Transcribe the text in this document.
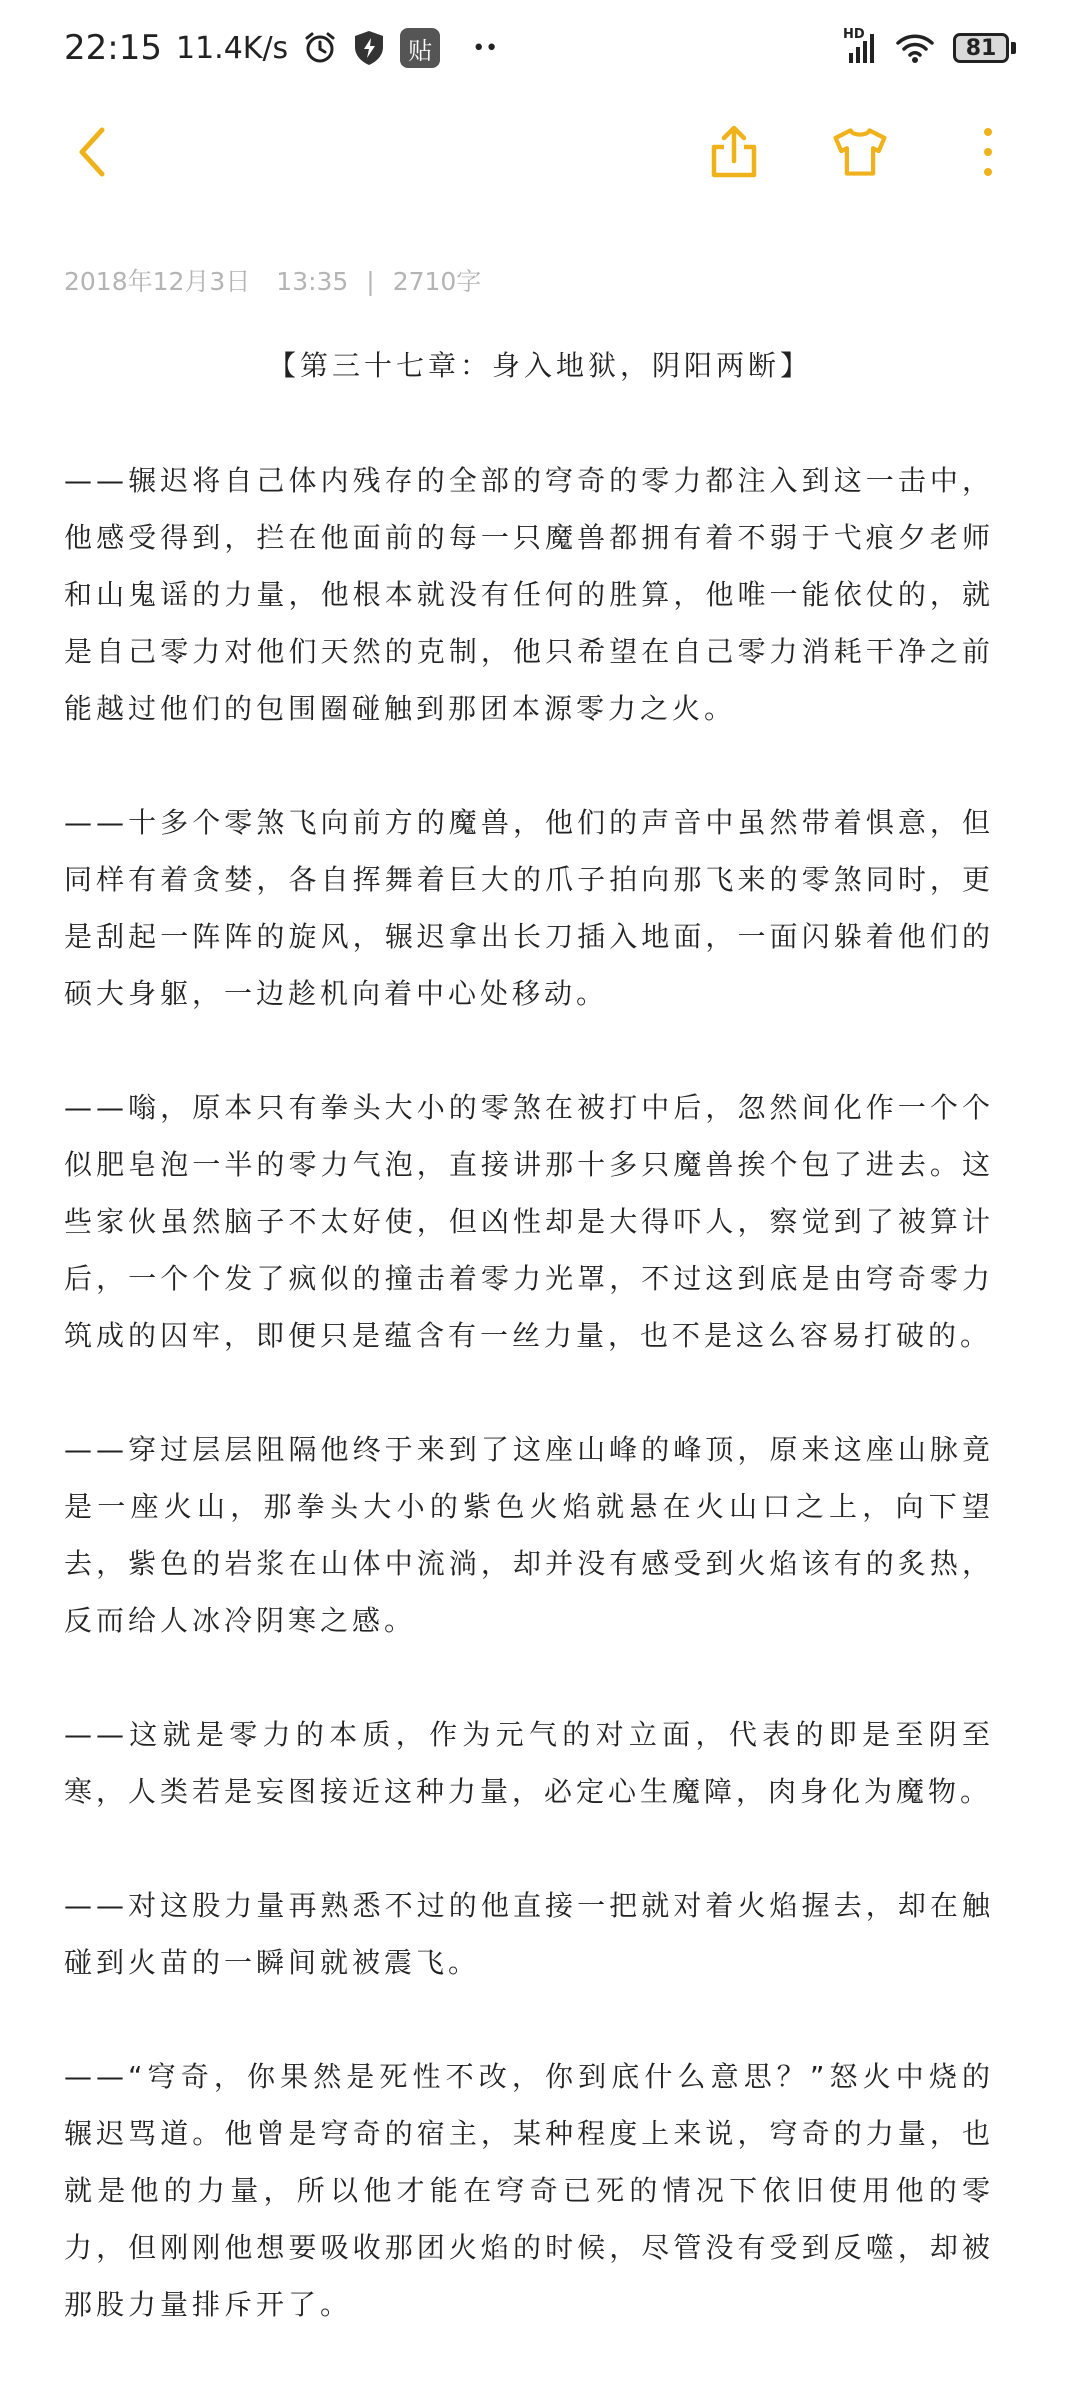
22:15 11.4K/s	贴	••
HD
81
2018年12月3日 13:35 | 2710字
【第三十七章：身入地狱，阴阳两断】

——辗迟将自己体内残存的全部的穹奇的零力都注入到这一击中，他感受得到，拦在他面前的每一只魔兽都拥有着不弱于弋痕夕老师和山鬼谣的力量，他根本就没有任何的胜算，他唯一能依仗的，就是自己零力对他们天然的克制，他只希望在自己零力消耗干净之前能越过他们的包围圈碰触到那团本源零力之火。

——十多个零煞飞向前方的魔兽，他们的声音中虽然带着惧意，但同样有着贪婪，各自挥舞着巨大的爪子拍向那飞来的零煞同时，更是刮起一阵阵的旋风，辗迟拿出长刀插入地面，一面闪躲着他们的硕大身躯，一边趁机向着中心处移动。

——嗡，原本只有拳头大小的零煞在被打中后，忽然间化作一个个似肥皂泡一半的零力气泡，直接讲那十多只魔兽挨个包了进去。这些家伙虽然脑子不太好使，但凶性却是大得吓人，察觉到了被算计后，一个个发了疯似的撞击着零力光罩，不过这到底是由穹奇零力筑成的囚牢，即便只是蕴含有一丝力量，也不是这么容易打破的。

——穿过层层阻隔他终于来到了这座山峰的峰顶，原来这座山脉竟是一座火山，那拳头大小的紫色火焰就悬在火山口之上，向下望去，紫色的岩浆在山体中流淌，却并没有感受到火焰该有的炙热，反而给人冰冷阴寒之感。

——这就是零力的本质，作为元气的对立面，代表的即是至阴至寒，人类若是妄图接近这种力量，必定心生魔障，肉身化为魔物。

——对这股力量再熟悉不过的他直接一把就对着火焰握去，却在触碰到火苗的一瞬间就被震飞。

——“穹奇，你果然是死性不改，你到底什么意思？”怒火中烧的辗迟骂道。他曾是穹奇的宿主，某种程度上来说，穹奇的力量，也就是他的力量，所以他才能在穹奇已死的情况下依旧使用他的零力，但刚刚他想要吸收那团火焰的时候，尽管没有受到反噬，却被那股力量排斥开了。
